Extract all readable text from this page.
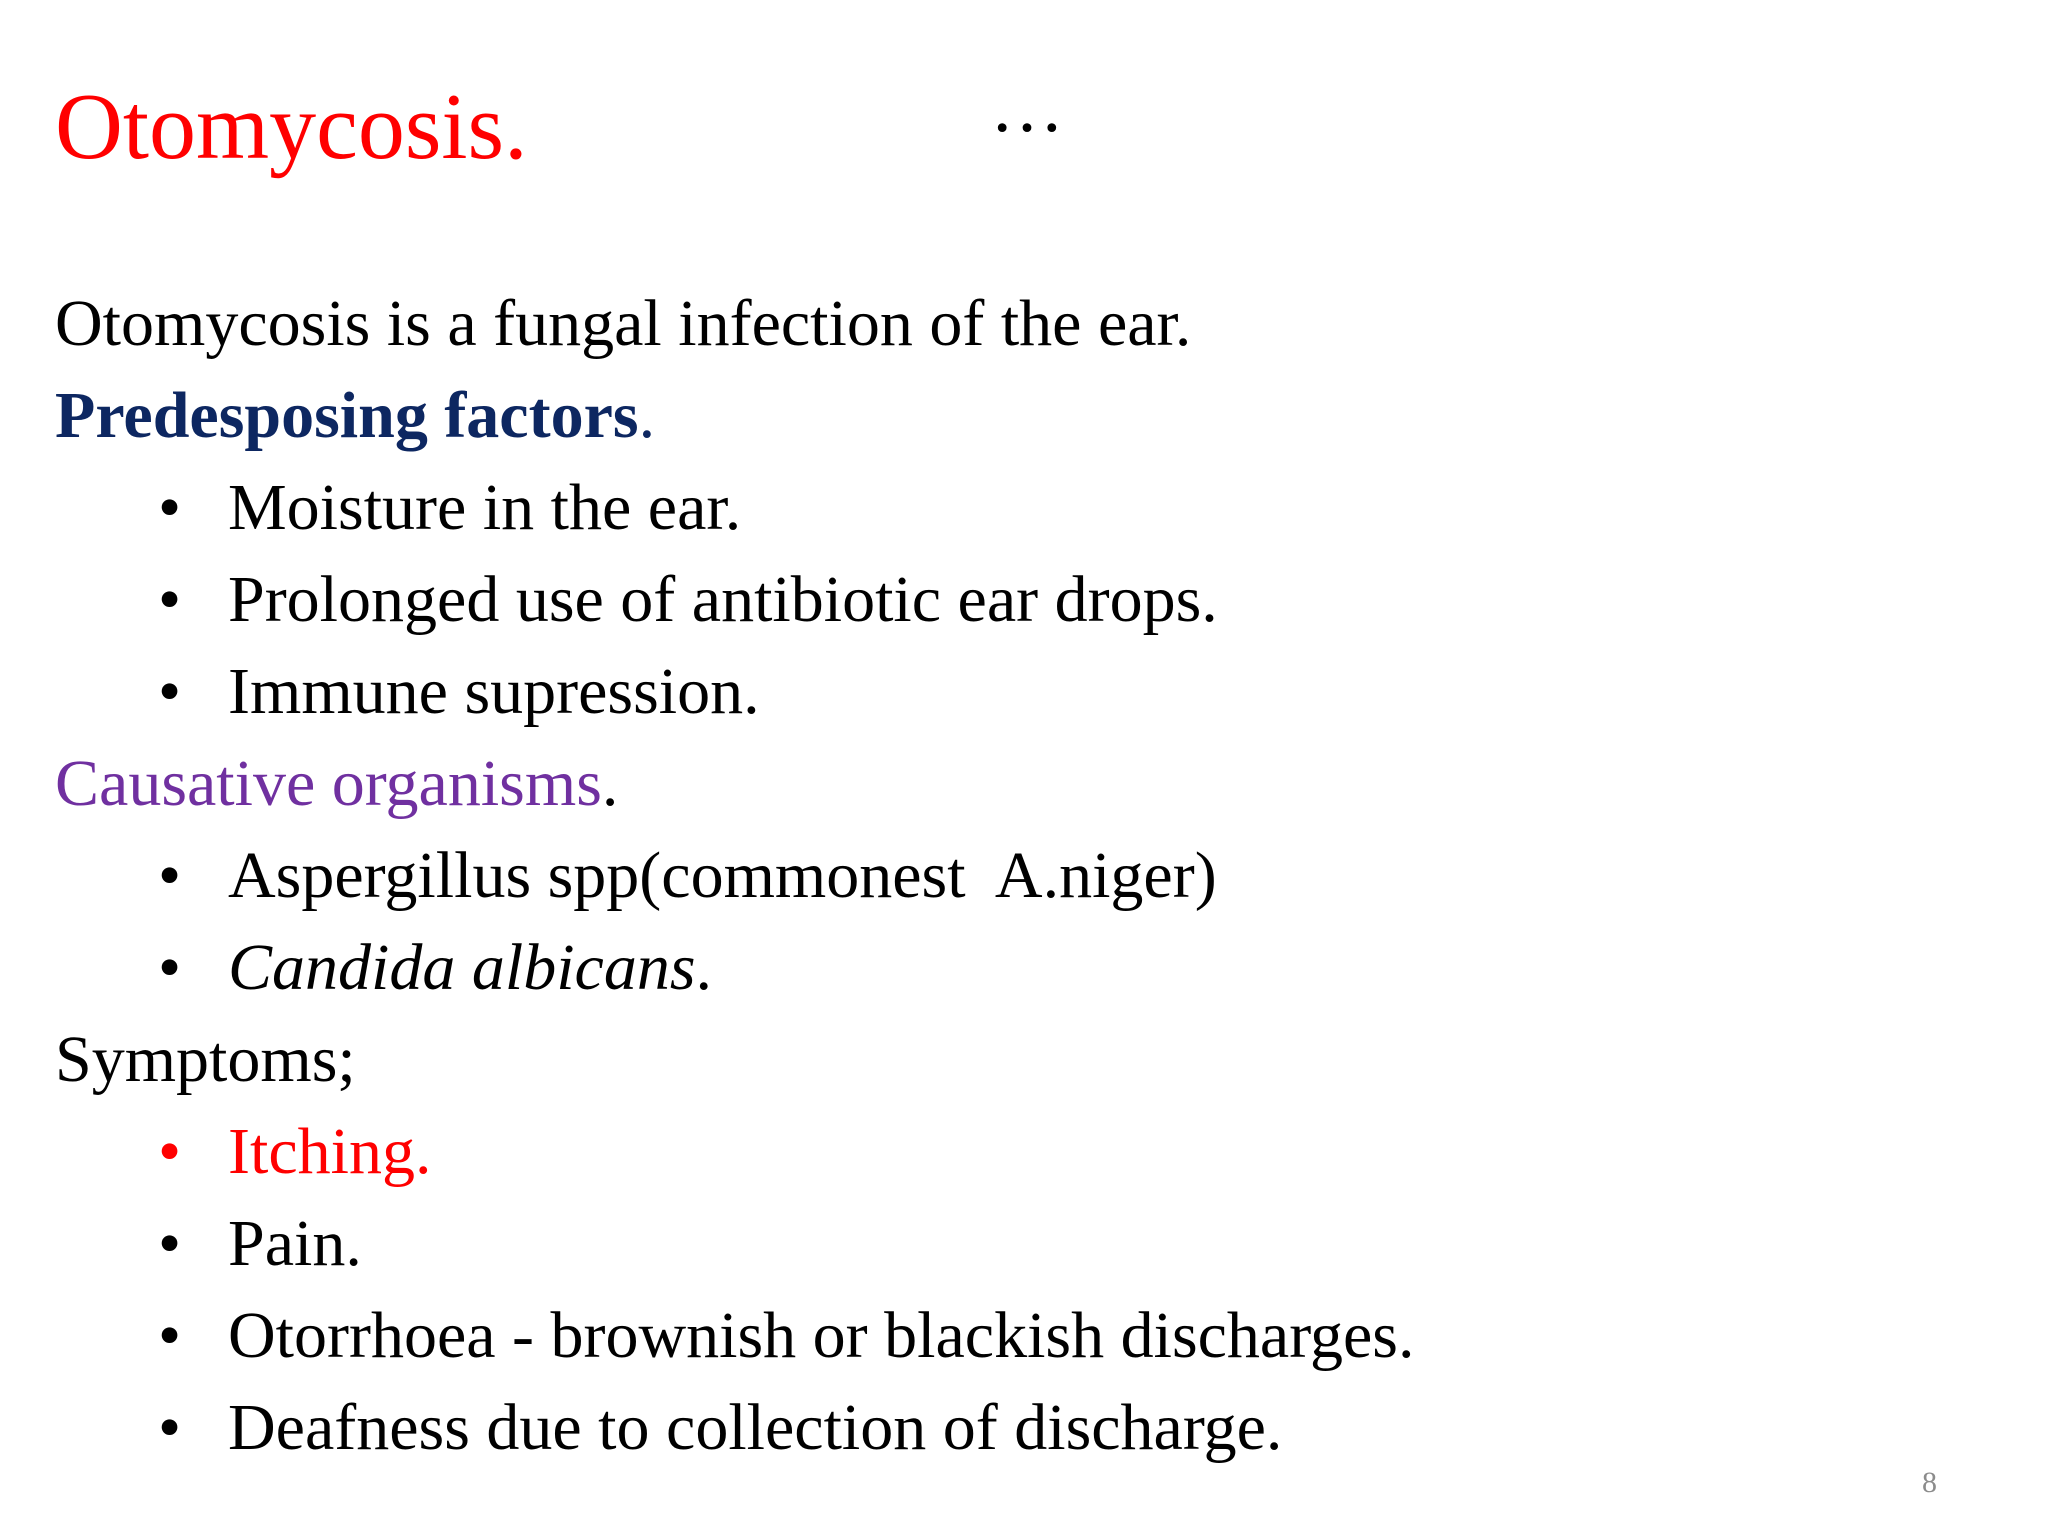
Otomycosis.	…
Otomycosis is a fungal infection of the ear.
Predesposing factors.
• Moisture in the ear.
• Prolonged use of antibiotic ear drops.
• Immune supression.
Causative organisms.
• Aspergillus spp(commonest  A.niger)
• Candida albicans.
Symptoms;
• Itching.
• Pain.
• Otorrhoea - brownish or blackish discharges.
• Deafness due to collection of discharge.
8
